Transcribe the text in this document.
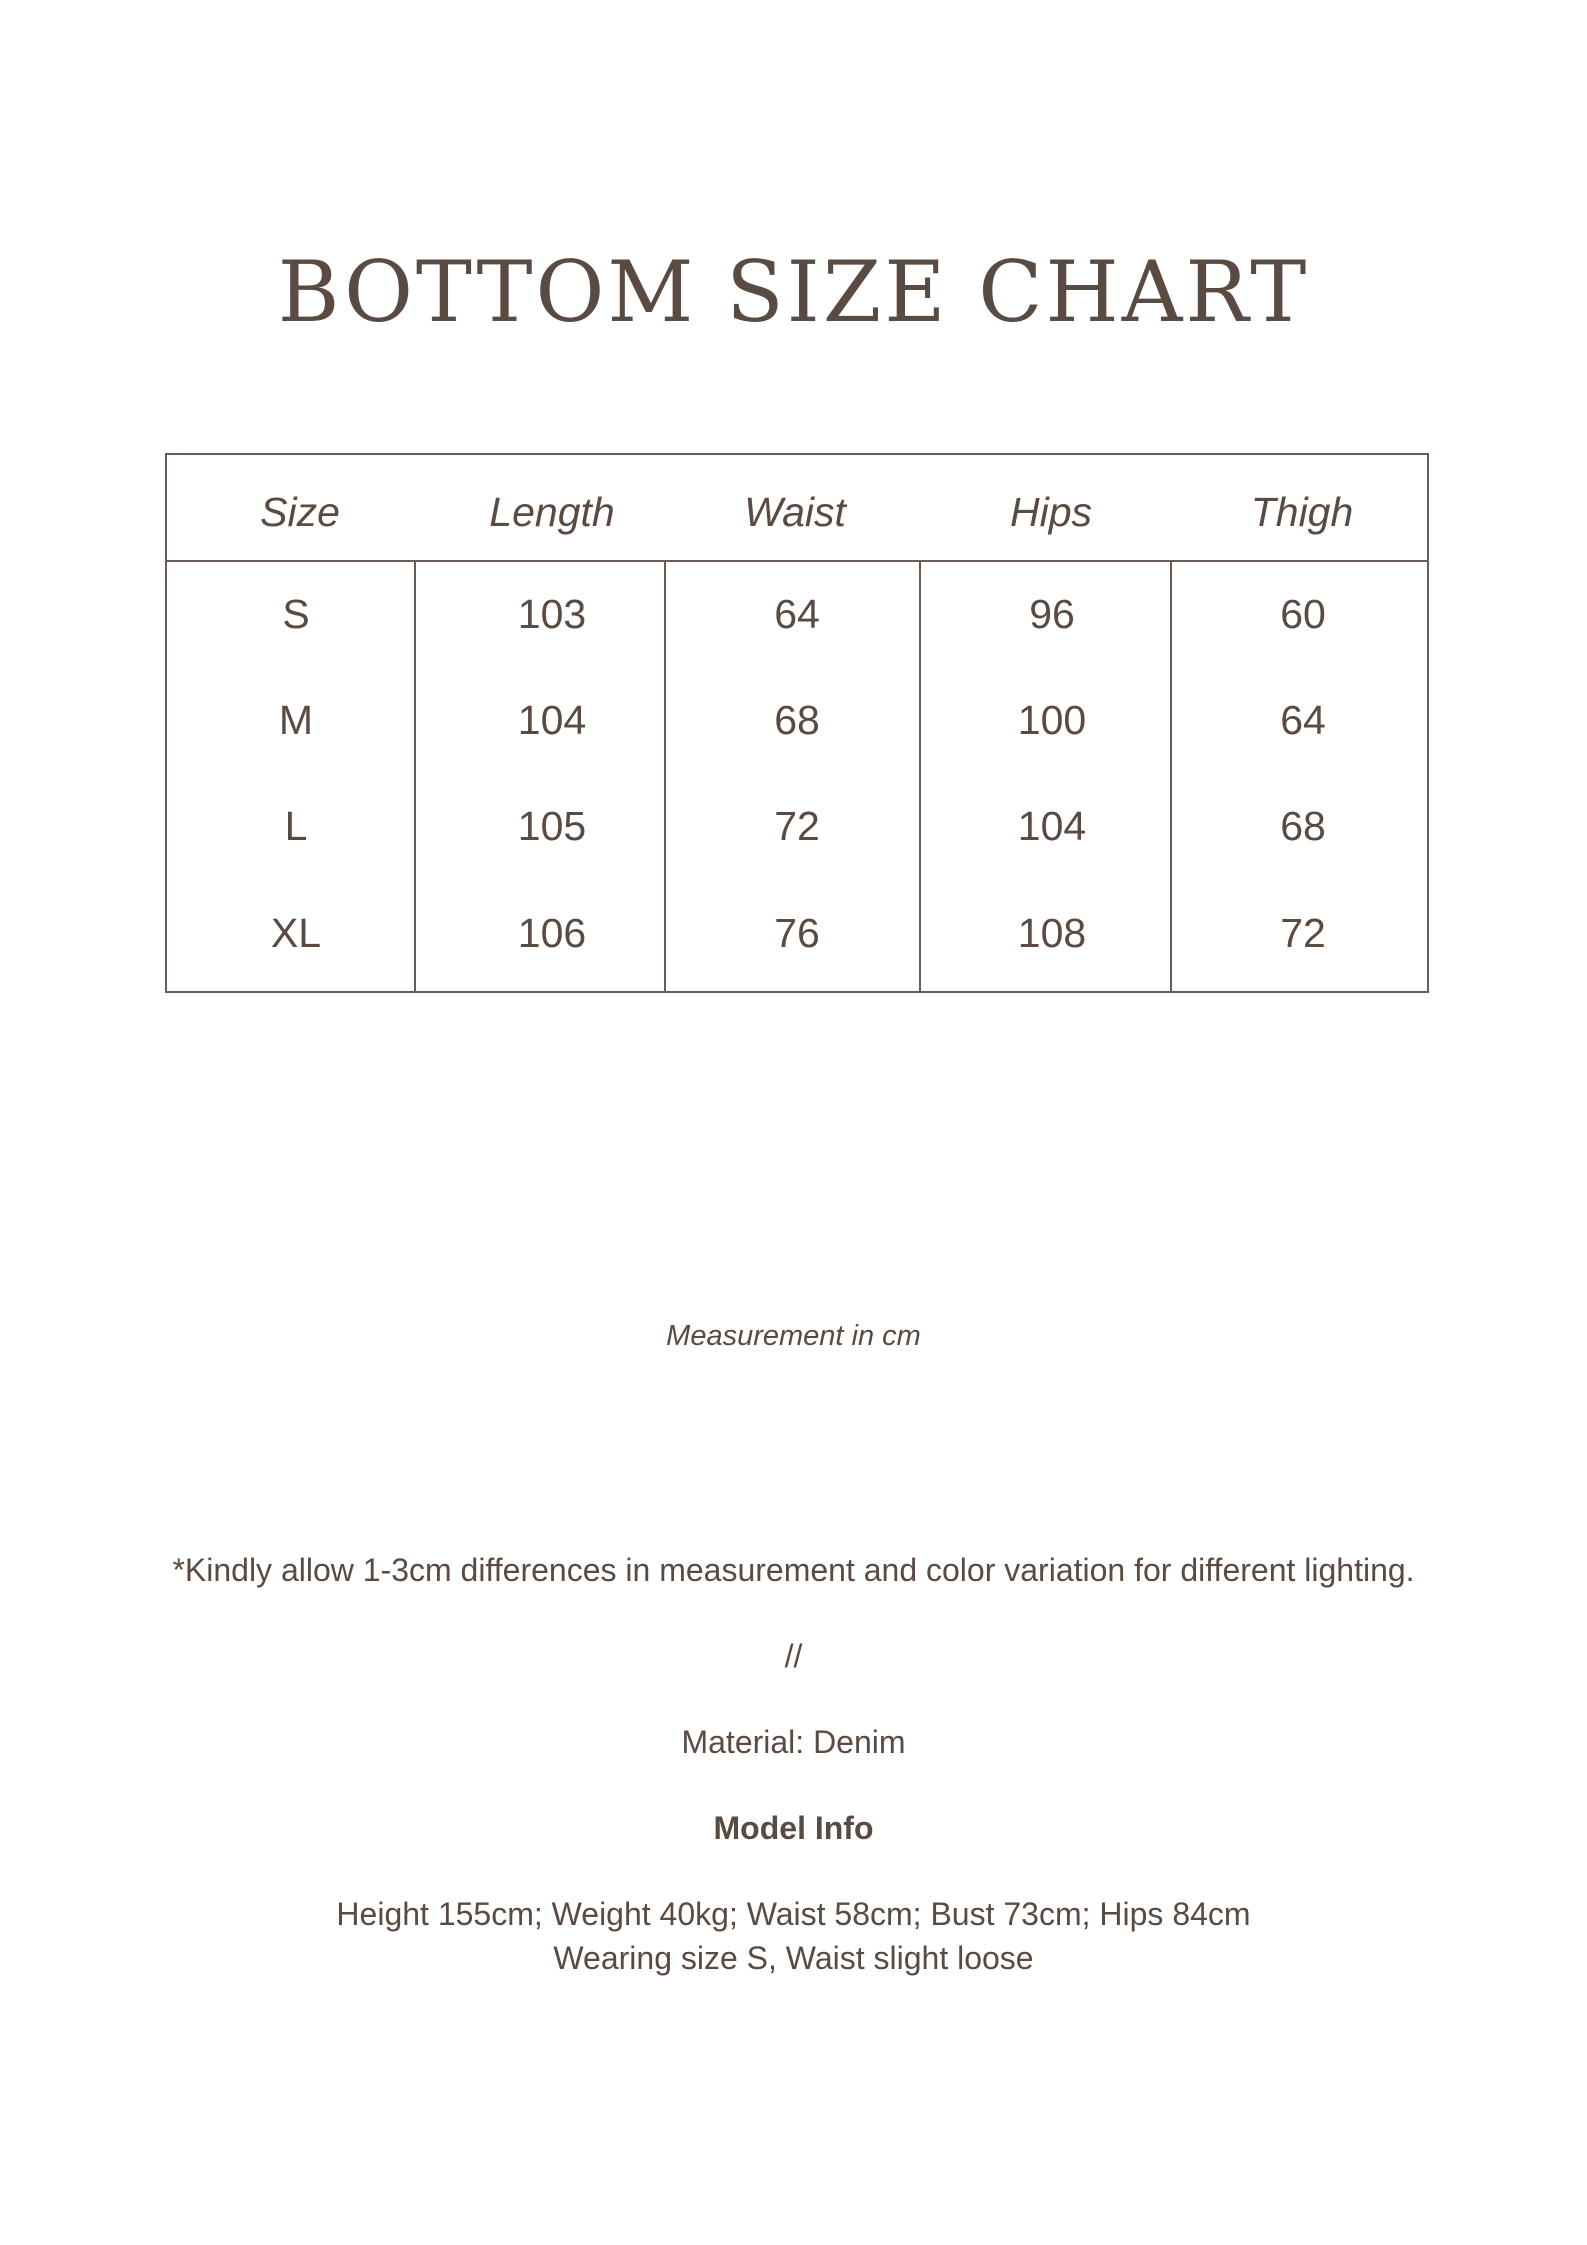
BOTTOM SIZE CHART
Size	Length	Waist	Hips	Thigh
S	103	64	96	60
M	104	68	100	64
L	105	72	104	68
XL	106	76	108	72
Measurement in cm
*Kindly allow 1-3cm differences in measurement and color variation for different lighting.
//
Material: Denim
Model Info
Height 155cm; Weight 40kg; Waist 58cm; Bust 73cm; Hips 84cm
Wearing size S, Waist slight loose
